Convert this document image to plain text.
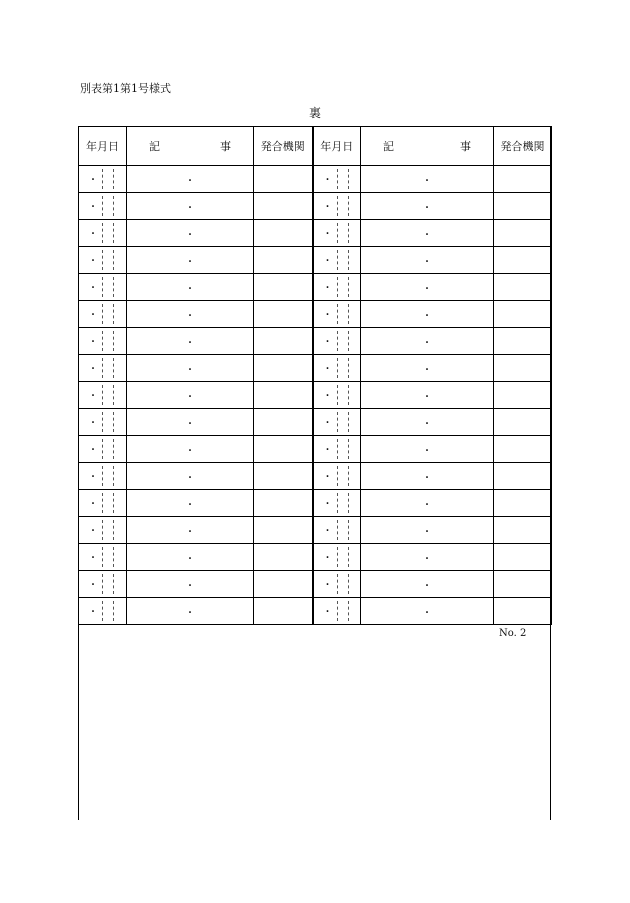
別表第1第1号様式
裏
年月日	記 事	発合機関	年月日	記 事	発合機関

・	・		・	・	

・	・		・	・	

・	・		・	・	

・	・		・	・	

・	・		・	・	

・	・		・	・	

・	・		・	・	

・	・		・	・	

・	・		・	・	

・	・		・	・	

・	・		・	・	

・	・		・	・	

・	・		・	・	

・	・		・	・	

・	・		・	・	

・	・		・	・	

・	・		・	・	
No. 2
